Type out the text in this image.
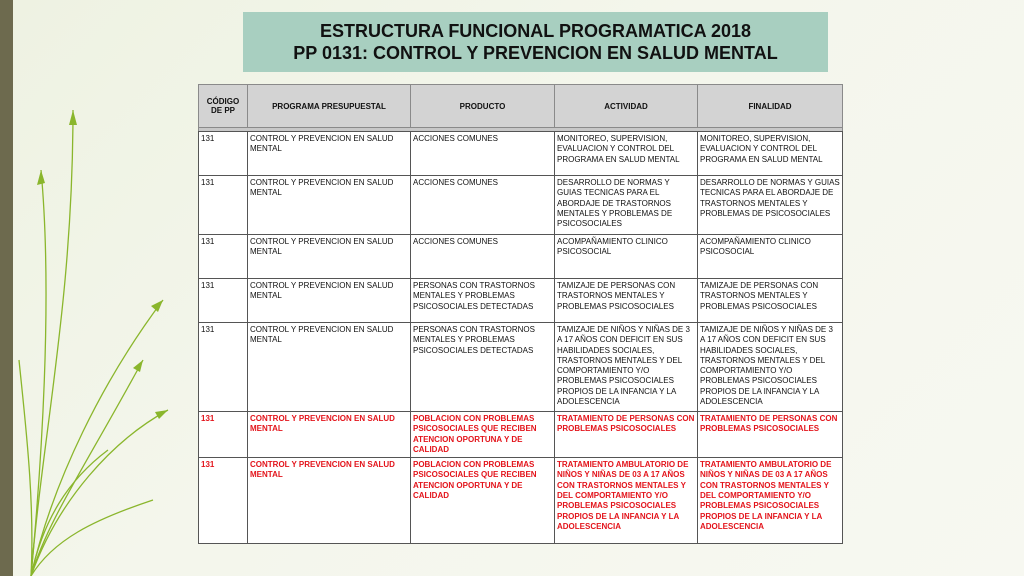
ESTRUCTURA FUNCIONAL PROGRAMATICA 2018
PP 0131: CONTROL Y PREVENCION EN SALUD MENTAL
CÓDIGO DE PP	PROGRAMA PRESUPUESTAL	PRODUCTO	ACTIVIDAD	FINALIDAD

131	CONTROL Y PREVENCION EN SALUD MENTAL	ACCIONES COMUNES	MONITOREO, SUPERVISION, EVALUACION Y CONTROL DEL PROGRAMA EN SALUD MENTAL	MONITOREO, SUPERVISION, EVALUACION Y CONTROL DEL PROGRAMA EN SALUD MENTAL
131	CONTROL Y PREVENCION EN SALUD MENTAL	ACCIONES COMUNES	DESARROLLO DE NORMAS Y GUIAS TECNICAS PARA EL ABORDAJE DE TRASTORNOS MENTALES Y PROBLEMAS DE PSICOSOCIALES	DESARROLLO DE NORMAS Y GUIAS TECNICAS PARA EL ABORDAJE DE TRASTORNOS MENTALES Y PROBLEMAS DE PSICOSOCIALES
131	CONTROL Y PREVENCION EN SALUD MENTAL	ACCIONES COMUNES	ACOMPAÑAMIENTO CLINICO PSICOSOCIAL	ACOMPAÑAMIENTO CLINICO PSICOSOCIAL
131	CONTROL Y PREVENCION EN SALUD MENTAL	PERSONAS CON TRASTORNOS MENTALES Y PROBLEMAS PSICOSOCIALES DETECTADAS	TAMIZAJE DE PERSONAS CON TRASTORNOS MENTALES Y PROBLEMAS PSICOSOCIALES	TAMIZAJE DE PERSONAS CON TRASTORNOS MENTALES Y PROBLEMAS PSICOSOCIALES
131	CONTROL Y PREVENCION EN SALUD MENTAL	PERSONAS CON TRASTORNOS MENTALES Y PROBLEMAS PSICOSOCIALES DETECTADAS	TAMIZAJE DE NIÑOS Y NIÑAS DE 3 A 17 AÑOS CON DEFICIT EN SUS HABILIDADES SOCIALES, TRASTORNOS MENTALES Y DEL COMPORTAMIENTO Y/O PROBLEMAS PSICOSOCIALES PROPIOS DE LA INFANCIA Y LA ADOLESCENCIA	TAMIZAJE DE NIÑOS Y NIÑAS DE 3 A 17 AÑOS CON DEFICIT EN SUS HABILIDADES SOCIALES, TRASTORNOS MENTALES Y DEL COMPORTAMIENTO Y/O PROBLEMAS PSICOSOCIALES PROPIOS DE LA INFANCIA Y LA ADOLESCENCIA
131	CONTROL Y PREVENCION EN SALUD MENTAL	POBLACION CON PROBLEMAS PSICOSOCIALES QUE RECIBEN ATENCION OPORTUNA Y DE CALIDAD	TRATAMIENTO DE PERSONAS CON PROBLEMAS PSICOSOCIALES	TRATAMIENTO DE PERSONAS CON PROBLEMAS PSICOSOCIALES
131	CONTROL Y PREVENCION EN SALUD MENTAL	POBLACION CON PROBLEMAS PSICOSOCIALES QUE RECIBEN ATENCION OPORTUNA Y DE CALIDAD	TRATAMIENTO AMBULATORIO DE NIÑOS Y NIÑAS DE 03 A 17 AÑOS CON TRASTORNOS MENTALES Y DEL COMPORTAMIENTO Y/O PROBLEMAS PSICOSOCIALES PROPIOS DE LA INFANCIA Y LA ADOLESCENCIA	TRATAMIENTO AMBULATORIO DE NIÑOS Y NIÑAS DE 03 A 17 AÑOS CON TRASTORNOS MENTALES Y DEL COMPORTAMIENTO Y/O PROBLEMAS PSICOSOCIALES PROPIOS DE LA INFANCIA Y LA ADOLESCENCIA
